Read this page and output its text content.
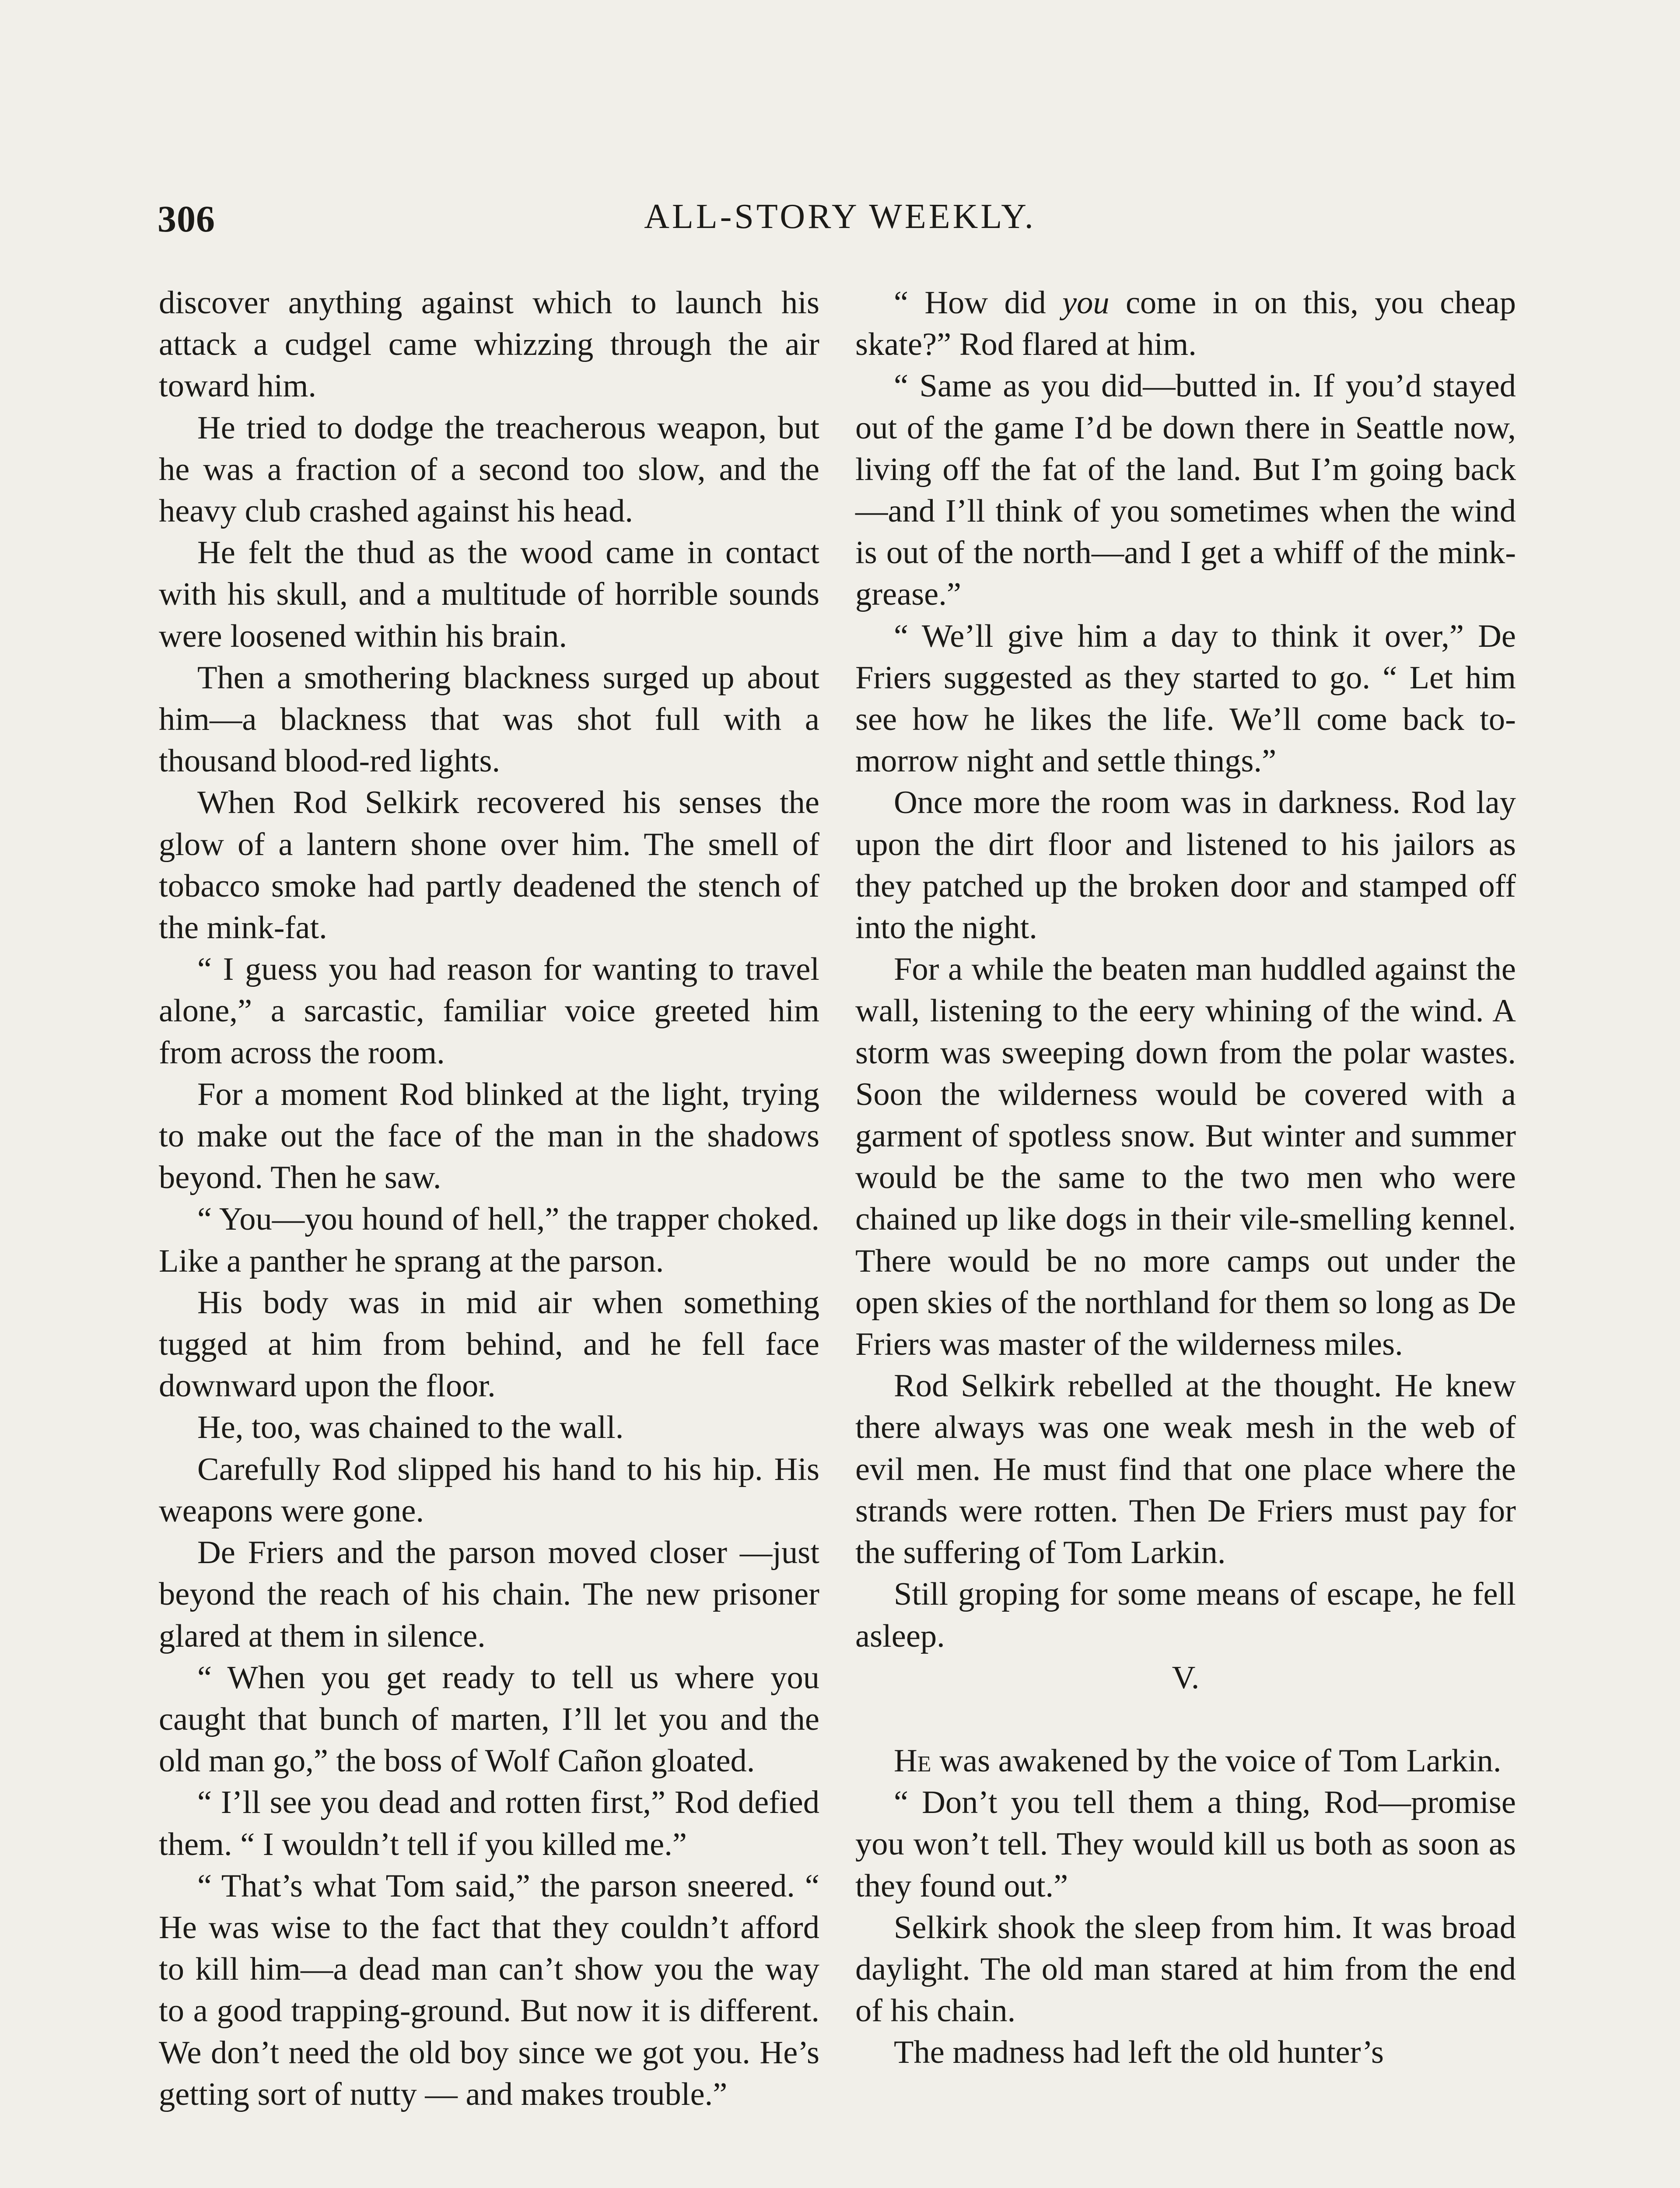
306	ALL-STORY WEEKLY.

discover anything against which to launch his attack a cudgel came whizzing through the air toward him.

He tried to dodge the treacherous weapon, but he was a fraction of a second too slow, and the heavy club crashed against his head.

He felt the thud as the wood came in contact with his skull, and a multitude of horrible sounds were loosened within his brain.

Then a smothering blackness surged up about him—a blackness that was shot full with a thousand blood-red lights.

When Rod Selkirk recovered his senses the glow of a lantern shone over him. The smell of tobacco smoke had partly deadened the stench of the mink-fat.

“ I guess you had reason for wanting to travel alone,” a sarcastic, familiar voice greeted him from across the room.

For a moment Rod blinked at the light, trying to make out the face of the man in the shadows beyond. Then he saw.

“ You—you hound of hell,” the trapper choked. Like a panther he sprang at the parson.

His body was in mid air when something tugged at him from behind, and he fell face downward upon the floor.

He, too, was chained to the wall.

Carefully Rod slipped his hand to his hip. His weapons were gone.

De Friers and the parson moved closer —just beyond the reach of his chain. The new prisoner glared at them in silence.

“ When you get ready to tell us where you caught that bunch of marten, I’ll let you and the old man go,” the boss of Wolf Cañon gloated.

“ I’ll see you dead and rotten first,” Rod defied them. “ I wouldn’t tell if you killed me.”

“ That’s what Tom said,” the parson sneered. “ He was wise to the fact that they couldn’t afford to kill him—a dead man can’t show you the way to a good trapping-ground. But now it is different. We don’t need the old boy since we got you. He’s getting sort of nutty — and makes trouble.”

“ How did you come in on this, you cheap skate?” Rod flared at him.

“ Same as you did—butted in. If you’d stayed out of the game I’d be down there in Seattle now, living off the fat of the land. But I’m going back—and I’ll think of you sometimes when the wind is out of the north—and I get a whiff of the mink-grease.”

“ We’ll give him a day to think it over,” De Friers suggested as they started to go. “ Let him see how he likes the life. We’ll come back to-morrow night and settle things.”

Once more the room was in darkness. Rod lay upon the dirt floor and listened to his jailors as they patched up the broken door and stamped off into the night.

For a while the beaten man huddled against the wall, listening to the eery whining of the wind. A storm was sweeping down from the polar wastes. Soon the wilderness would be covered with a garment of spotless snow. But winter and summer would be the same to the two men who were chained up like dogs in their vile-smelling kennel. There would be no more camps out under the open skies of the northland for them so long as De Friers was master of the wilderness miles.

Rod Selkirk rebelled at the thought. He knew there always was one weak mesh in the web of evil men. He must find that one place where the strands were rotten. Then De Friers must pay for the suffering of Tom Larkin.

Still groping for some means of escape, he fell asleep.

V.

He was awakened by the voice of Tom Larkin.

“ Don’t you tell them a thing, Rod—promise you won’t tell. They would kill us both as soon as they found out.”

Selkirk shook the sleep from him. It was broad daylight. The old man stared at him from the end of his chain.

The madness had left the old hunter’s
